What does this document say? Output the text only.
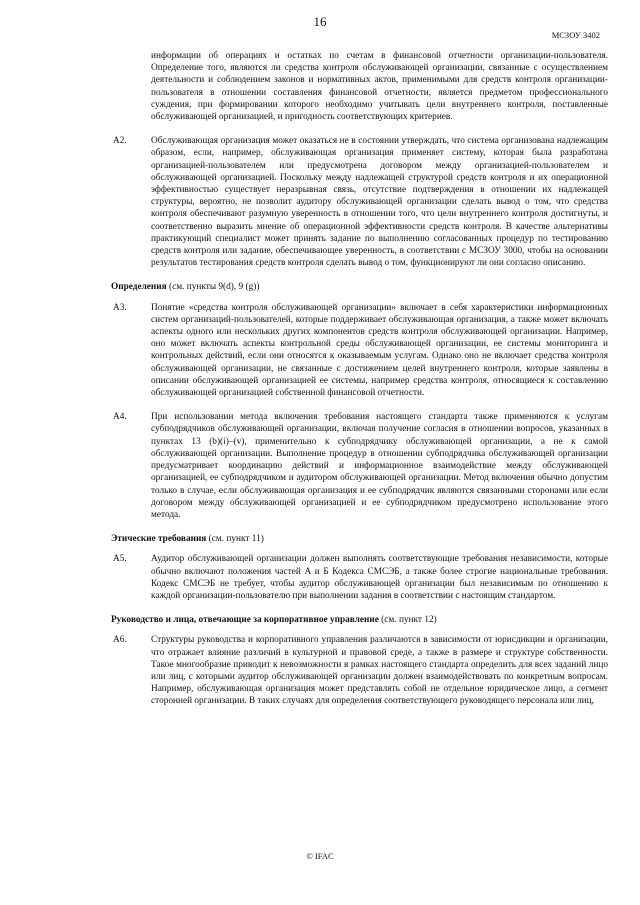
16
МСЗОУ 3402

информации об операциях и остатках по счетам в финансовой отчетности организации-пользователя. Определение того, являются ли средства контроля обслуживающей организации, связанные с осуществлением деятельности и соблюдением законов и нормативных актов, применимыми для средств контроля организации-пользователя в отношении составления финансовой отчетности, является предметом профессионального суждения, при формировании которого необходимо учитывать цели внутреннего контроля, поставленные обслуживающей организацией, и пригодность соответствующих критериев.

A2.	Обслуживающая организация может оказаться не в состоянии утверждать, что система организована надлежащим образом, если, например, обслуживающая организация применяет систему, которая была разработана организацией-пользователем или предусмотрена договором между организацией-пользователем и обслуживающей организацией. Поскольку между надлежащей структурой средств контроля и их операционной эффективностью существует неразрывная связь, отсутствие подтверждения в отношении их надлежащей структуры, вероятно, не позволит аудитору обслуживающей организации сделать вывод о том, что средства контроля обеспечивают разумную уверенность в отношении того, что цели внутреннего контроля достигнуты, и соответственно выразить мнение об операционной эффективности средств контроля. В качестве альтернативы практикующий специалист может принять задание по выполнению согласованных процедур по тестированию средств контроля или задание, обеспечивающее уверенность, в соответствии с МСЗОУ 3000, чтобы на основании результатов тестирования средств контроля сделать вывод о том, функционируют ли они согласно описанию.

Определения (см. пункты 9(d), 9 (g))
A3.	Понятие «средства контроля обслуживающей организации» включает в себя характеристики информационных систем организаций-пользователей, которые поддерживает обслуживающая организация, а также может включать аспекты одного или нескольких других компонентов средств контроля обслуживающей организации. Например, оно может включать аспекты контрольной среды обслуживающей организации, ее системы мониторинга и контрольных действий, если они относятся к оказываемым услугам. Однако оно не включает средства контроля обслуживающей организации, не связанные с достижением целей внутреннего контроля, которые заявлены в описании обслуживающей организацией ее системы, например средства контроля, относящиеся к составлению обслуживающей организацией собственной финансовой отчетности.

A4.	При использовании метода включения требования настоящего стандарта также применяются к услугам субподрядчиков обслуживающей организации, включая получение согласия в отношении вопросов, указанных в пунктах 13 (b)(i)–(v), применительно к субподрядчику обслуживающей организации, а не к самой обслуживающей организации. Выполнение процедур в отношении субподрядчика обслуживающей организации предусматривает координацию действий и информационное взаимодействие между обслуживающей организацией, ее субподрядчиком и аудитором обслуживающей организации. Метод включения обычно допустим только в случае, если обслуживающая организация и ее субподрядчик являются связанными сторонами или если договором между обслуживающей организацией и ее субподрядчиком предусмотрено использование этого метода.

Этические требования (см. пункт 11)
A5.	Аудитор обслуживающей организации должен выполнять соответствующие требования независимости, которые обычно включают положения частей А и Б Кодекса СМСЭБ, а также более строгие национальные требования. Кодекс СМСЭБ не требует, чтобы аудитор обслуживающей организации был независимым по отношению к каждой организации-пользователю при выполнении задания в соответствии с настоящим стандартом.

Руководство и лица, отвечающие за корпоративное управление (см. пункт 12)
A6.	Структуры руководства и корпоративного управления различаются в зависимости от юрисдикции и организации, что отражает влияние различий в культурной и правовой среде, а также в размере и структуре собственности. Такое многообразие приводит к невозможности в рамках настоящего стандарта определить для всех заданий лицо или лиц, с которыми аудитор обслуживающей организации должен взаимодействовать по конкретным вопросам. Например, обслуживающая организация может представлять собой не отдельное юридическое лицо, а сегмент сторонней организации. В таких случаях для определения соответствующего руководящего персонала или лиц,

© IFAC
